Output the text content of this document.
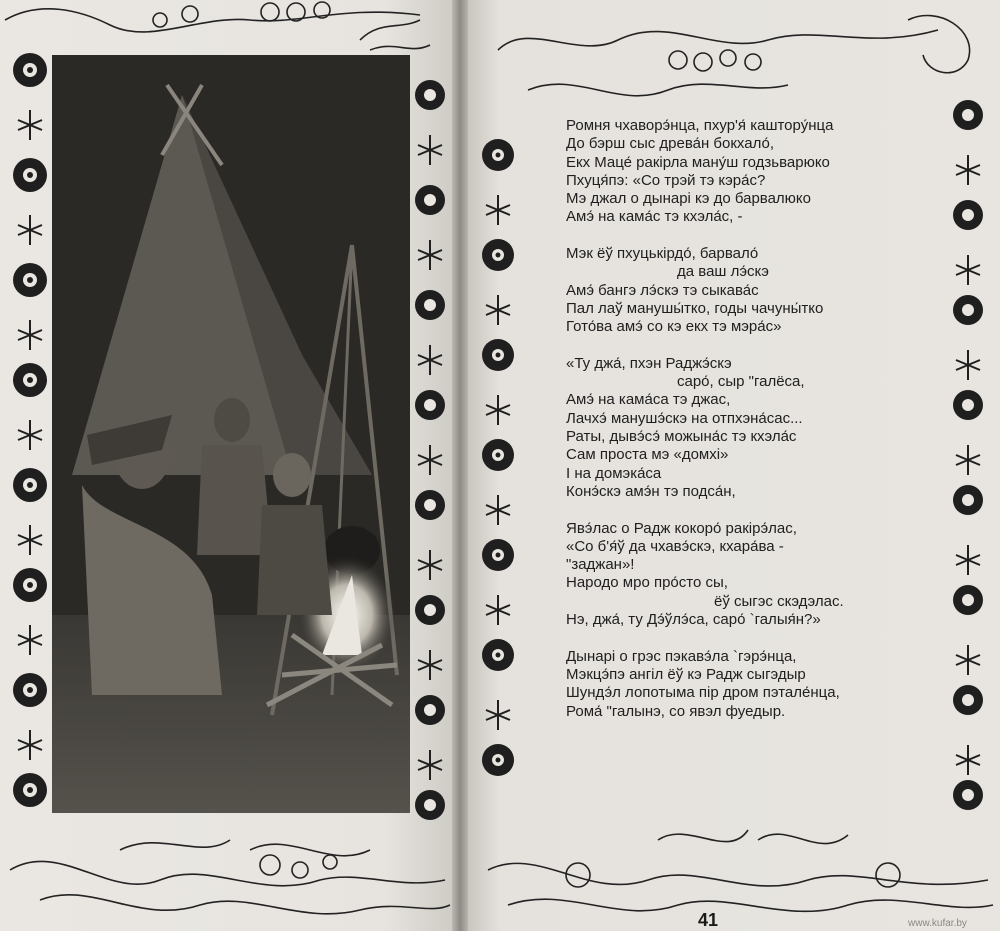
Ромня чхаворэ́нца, пхур'я́ каштору́нца
До бэрш сыс древа́н бокхало́,
Екх Маце́ ракірла ману́ш годзьварюко
Пхуця́пэ: «Со трэй тэ кэра́с?
Мэ джал о дынарі кэ до барвалюко
Амэ́ на кама́с тэ кхэла́с, -
Мэк ёў пхуцькірдо́, барвало́
да ваш лэ́скэ
Амэ́ бангэ лэ́скэ тэ сыкава́с
Пал лаў манушы́тко, годы чачуны́тко
Гото́ва амэ́ со кэ екх тэ мэра́с»
«Ту джа́, пхэн Раджэ́скэ
саро́, сыр "галёса,
Амэ́ на кама́са тэ джас,
Лачхэ́ манушэ́скэ на отпхэна́сас...
Раты, дывэ́сэ́ можына́с тэ кхэла́с
Сам проста мэ «домхі»
І на домэка́са
Конэ́скэ амэ́н тэ подса́н,
Явэ́лас о Радж кокоро́ ракірэ́лас,
«Со б'я́ў да чхавэ́скэ, кхара́ва -
"заджан»!
Народо мро про́сто сы,
ёў сыгэс скэдэлас.
Нэ, джа́, ту Дэ́ўлэ́са, саро́ `галыя́н?»
Дынарі о грэс пэкавэ́ла `гэрэ́нца,
Мэкцэ́пэ ангіл ёў кэ Радж сыгэдыр
Шундэ́л лопотыма пір дром пэтале́нца,
Рома́ "галынэ, со явэл фуедыр.
41	www.kufar.by
